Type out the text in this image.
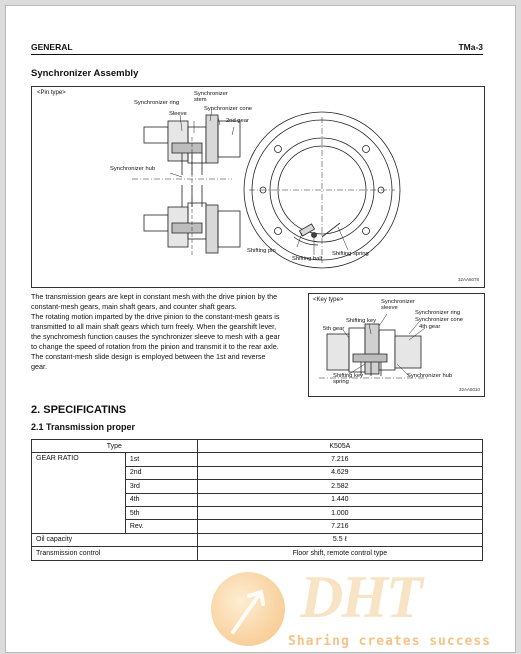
GENERAL	TMa-3
Synchronizer Assembly
<Pin type>
Synchronizer ring
Synchronizer
stem
Sleeve
Synchronizer cone
2nd gear
Synchronizer hub
Shifting pin
Shifting ball
Shifting spring
32AA6078

The transmission gears are kept in constant mesh with the drive pinion by the constant-mesh gears, main shaft gears, and counter shaft gears.
The rotating motion imparted by the drive pinion to the constant-mesh gears is transmitted to all main shaft gears which turn freely. When the gearshift lever, the synchromesh function causes the synchronizer sleeve to mesh with a gear to change the speed of rotation from the pinion and transmit it to the rear axle.
The constant-mesh slide design is employed between the 1st and reverse gear.

<Key type>	Synchronizer
sleeve
Shifting key
Synchronizer ring
Synchronizer cone
5th gear	4th gear
Shifting key
spring
Synchronizer hub
32AA6010
2. SPECIFICATINS
2.1 Transmission proper
Type		K505A
GEAR RATIO	1st	7.216
	2nd	4.629
	3rd	2.582
	4th	1.440
	5th	1.000
	Rev.	7.216
Oil capacity		5.5 ℓ
Transmission control		Floor shift, remote control type
DHT
Sharing creates success
